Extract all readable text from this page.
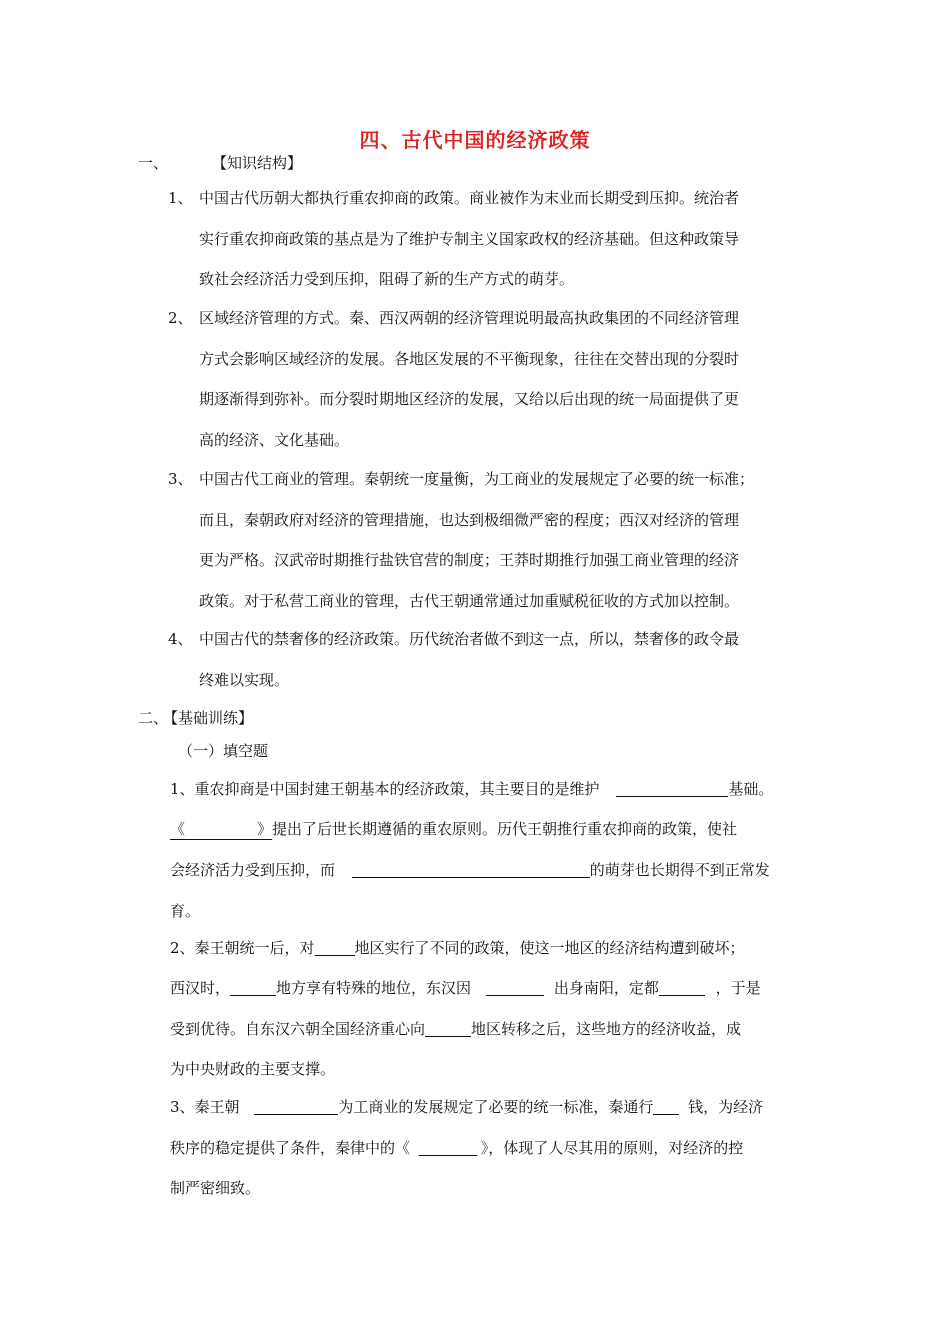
四、古代中国的经济政策
一、	【知识结构】
1、 中国古代历朝大都执行重农抑商的政策。商业被作为末业而长期受到压抑。统治者
实行重农抑商政策的基点是为了维护专制主义国家政权的经济基础。但这种政策导
致社会经济活力受到压抑，阻碍了新的生产方式的萌芽。
2、 区域经济管理的方式。秦、西汉两朝的经济管理说明最高执政集团的不同经济管理
方式会影响区域经济的发展。各地区发展的不平衡现象，往往在交替出现的分裂时
期逐渐得到弥补。而分裂时期地区经济的发展，又给以后出现的统一局面提供了更
高的经济、文化基础。
3、 中国古代工商业的管理。秦朝统一度量衡，为工商业的发展规定了必要的统一标准；
而且，秦朝政府对经济的管理措施，也达到极细微严密的程度；西汉对经济的管理
更为严格。汉武帝时期推行盐铁官营的制度；王莽时期推行加强工商业管理的经济
政策。对于私营工商业的管理，古代王朝通常通过加重赋税征收的方式加以控制。
4、 中国古代的禁奢侈的经济政策。历代统治者做不到这一点，所以，禁奢侈的政令最
终难以实现。
二、
【基础训练】
（一）填空题
1、重农抑商是中国封建王朝基本的经济政策，其主要目的是维护	基础。
《	》提出了后世长期遵循的重农原则。历代王朝推行重农抑商的政策，使社
会经济活力受到压抑，而	的萌芽也长期得不到正常发
育。
2、秦王朝统一后，对	地区实行了不同的政策，使这一地区的经济结构遭到破坏；
西汉时，	地方享有特殊的地位，东汉因	出身南阳，定都	，于是
受到优待。自东汉六朝全国经济重心向	地区转移之后，这些地方的经济收益，成
为中央财政的主要支撑。
3、秦王朝	为工商业的发展规定了必要的统一标准，秦通行 钱，为经济
秩序的稳定提供了条件，秦律中的《	》，体现了人尽其用的原则，对经济的控
制严密细致。
